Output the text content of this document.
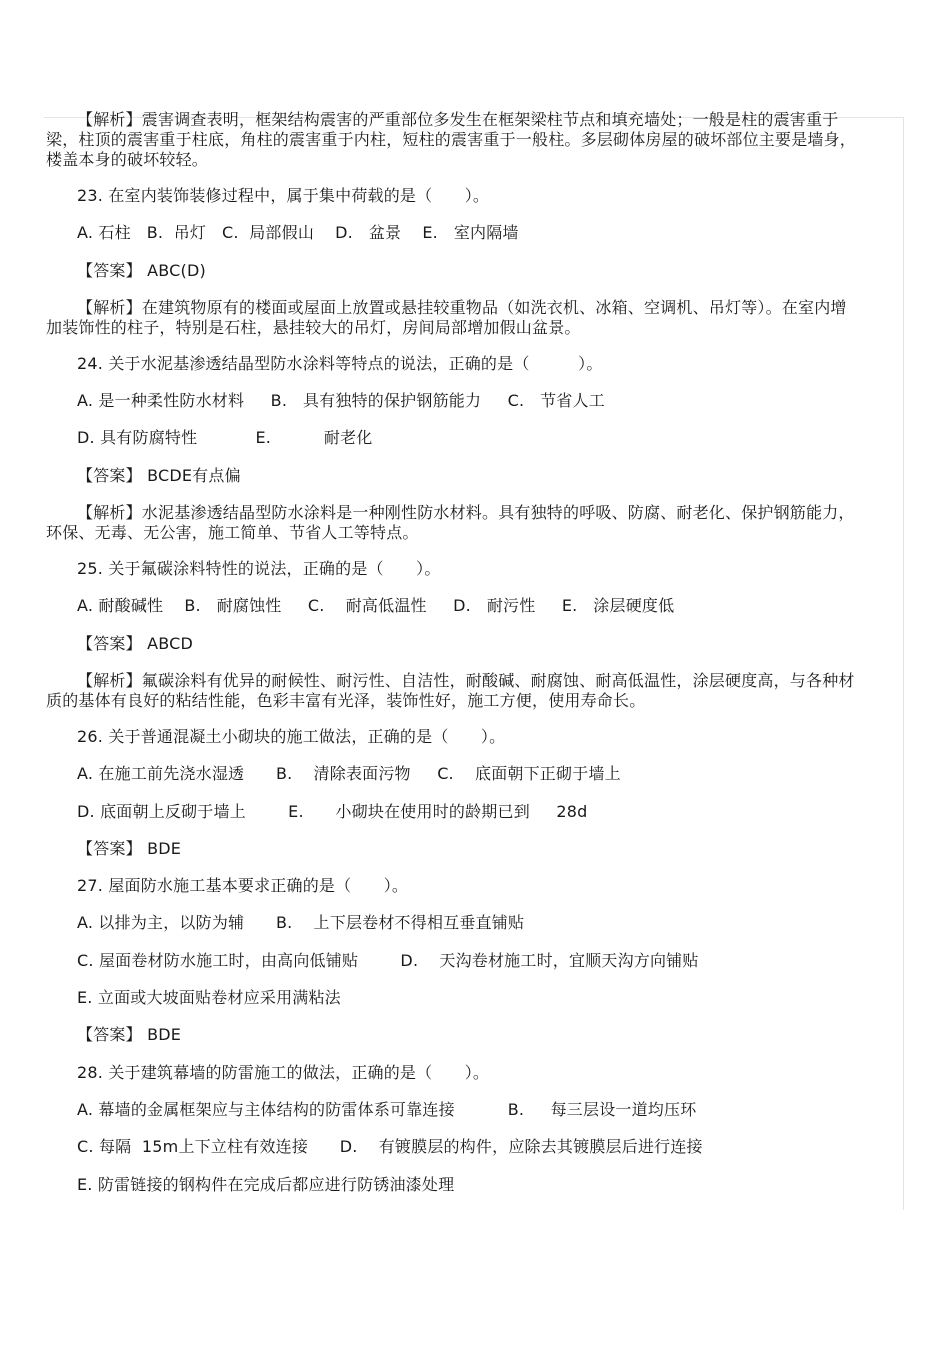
【解析】震害调查表明，框架结构震害的严重部位多发生在框架梁柱节点和填充墙处；一般是柱的震害重于梁，柱顶的震害重于柱底，角柱的震害重于内柱，短柱的震害重于一般柱。多层砌体房屋的破坏部位主要是墙身，楼盖本身的破坏较轻。

23. 在室内装饰装修过程中，属于集中荷载的是（　　）。
A. 石柱   B.  吊灯   C.  局部假山    D.   盆景    E.   室内隔墙
【答案】 ABC(D)

【解析】在建筑物原有的楼面或屋面上放置或悬挂较重物品（如洗衣机、冰箱、空调机、吊灯等）。在室内增加装饰性的柱子，特别是石柱，悬挂较大的吊灯，房间局部增加假山盆景。

24. 关于水泥基渗透结晶型防水涂料等特点的说法，正确的是（　　　）。
A. 是一种柔性防水材料     B.   具有独特的保护钢筋能力     C.   节省人工
D. 具有防腐特性           E.          耐老化
【答案】 BCDE有点偏

【解析】水泥基渗透结晶型防水涂料是一种刚性防水材料。具有独特的呼吸、防腐、耐老化、保护钢筋能力，环保、无毒、无公害，施工简单、节省人工等特点。

25. 关于氟碳涂料特性的说法，正确的是（　　）。
A. 耐酸碱性    B.   耐腐蚀性     C.    耐高低温性     D.   耐污性     E.   涂层硬度低
【答案】 ABCD

【解析】氟碳涂料有优异的耐候性、耐污性、自洁性，耐酸碱、耐腐蚀、耐高低温性，涂层硬度高，与各种材质的基体有良好的粘结性能，色彩丰富有光泽，装饰性好，施工方便，使用寿命长。

26. 关于普通混凝土小砌块的施工做法，正确的是（　　）。
A. 在施工前先浇水湿透      B.    清除表面污物     C.    底面朝下正砌于墙上
D. 底面朝上反砌于墙上        E.      小砌块在使用时的龄期已到     28d
【答案】 BDE
27. 屋面防水施工基本要求正确的是（　　）。
A. 以排为主，以防为辅      B.    上下层卷材不得相互垂直铺贴
C. 屋面卷材防水施工时，由高向低铺贴        D.    天沟卷材施工时，宜顺天沟方向铺贴
E. 立面或大坡面贴卷材应采用满粘法
【答案】 BDE
28. 关于建筑幕墙的防雷施工的做法，正确的是（　　）。
A. 幕墙的金属框架应与主体结构的防雷体系可靠连接          B.     每三层设一道均压环
C. 每隔  15m上下立柱有效连接      D.    有镀膜层的构件，应除去其镀膜层后进行连接
E. 防雷链接的钢构件在完成后都应进行防锈油漆处理
